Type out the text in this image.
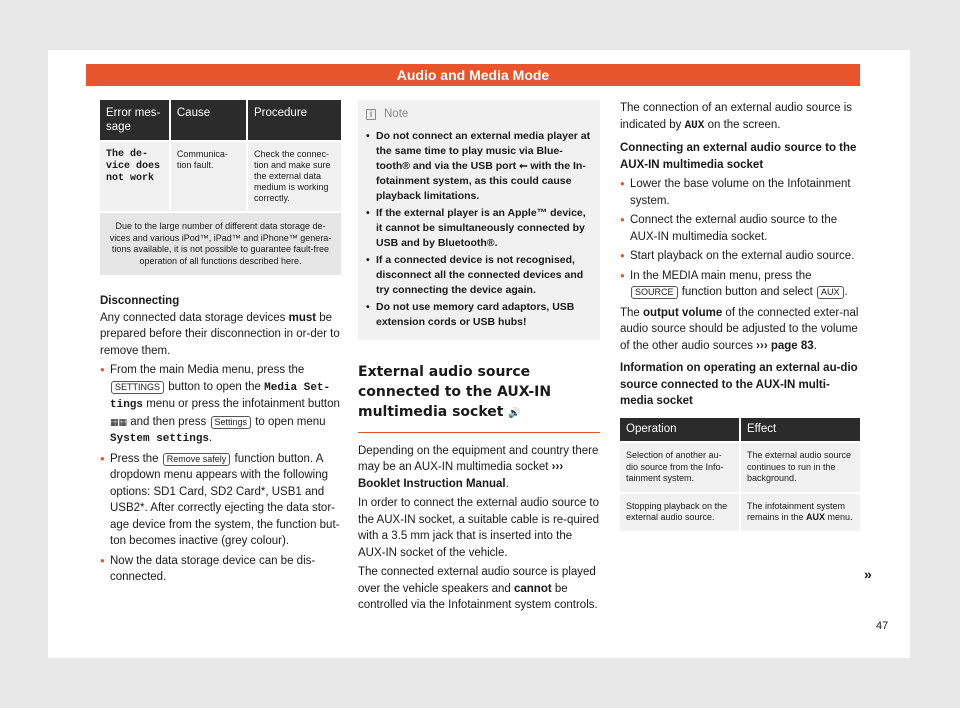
Audio and Media Mode
Error mes-sage	Cause	Procedure
The de-vice does not work	Communica-tion fault.	Check the connec-tion and make sure the external data medium is working correctly.
Due to the large number of different data storage de-vices and various iPod™, iPad™ and iPhone™ genera-tions available, it is not possible to guarantee fault-free operation of all functions described here.		
Disconnecting

Any connected data storage devices must be prepared before their disconnection in or-der to remove them.

● From the main Media menu, press the SETTINGS button to open the Media Set-tings menu or press the infotainment button ▦▦ and then press Settings to open menu System settings.

● Press the Remove safely function button. A dropdown menu appears with the following options: SD1 Card, SD2 Card*, USB1 and USB2*. After correctly ejecting the data stor-age device from the system, the function but-ton becomes inactive (grey colour).

● Now the data storage device can be dis-connected.

i	Note

• Do not connect an external media player at the same time to play music via Blue-tooth® and via the USB port ⭠ with the In-fotainment system, as this could cause playback limitations.

• If the external player is an Apple™ device, it cannot be simultaneously connected by USB and by Bluetooth®.

• If a connected device is not recognised, disconnect all the connected devices and try connecting the device again.

• Do not use memory card adaptors, USB extension cords or USB hubs!

External audio source connected to the AUX-IN multimedia socket 🔊

Depending on the equipment and country there may be an AUX-IN multimedia socket ››› Booklet Instruction Manual.

In order to connect the external audio source to the AUX-IN socket, a suitable cable is re-quired with a 3.5 mm jack that is inserted into the AUX-IN socket of the vehicle.

The connected external audio source is played over the vehicle speakers and cannot be controlled via the Infotainment system controls.

The connection of an external audio source is indicated by AUX on the screen.

Connecting an external audio source to the AUX-IN multimedia socket

● Lower the base volume on the Infotainment system.

● Connect the external audio source to the AUX-IN multimedia socket.

● Start playback on the external audio source.

● In the MEDIA main menu, press the SOURCE function button and select AUX .

The output volume of the connected exter-nal audio source should be adjusted to the volume of the other audio sources ››› page 83.

Information on operating an external au-dio source connected to the AUX-IN multi-media socket
Operation	Effect
Selection of another au-dio source from the Info-tainment system.	The external audio source continues to run in the background.
Stopping playback on the external audio source.	The infotainment system remains in the AUX menu.
»
47
